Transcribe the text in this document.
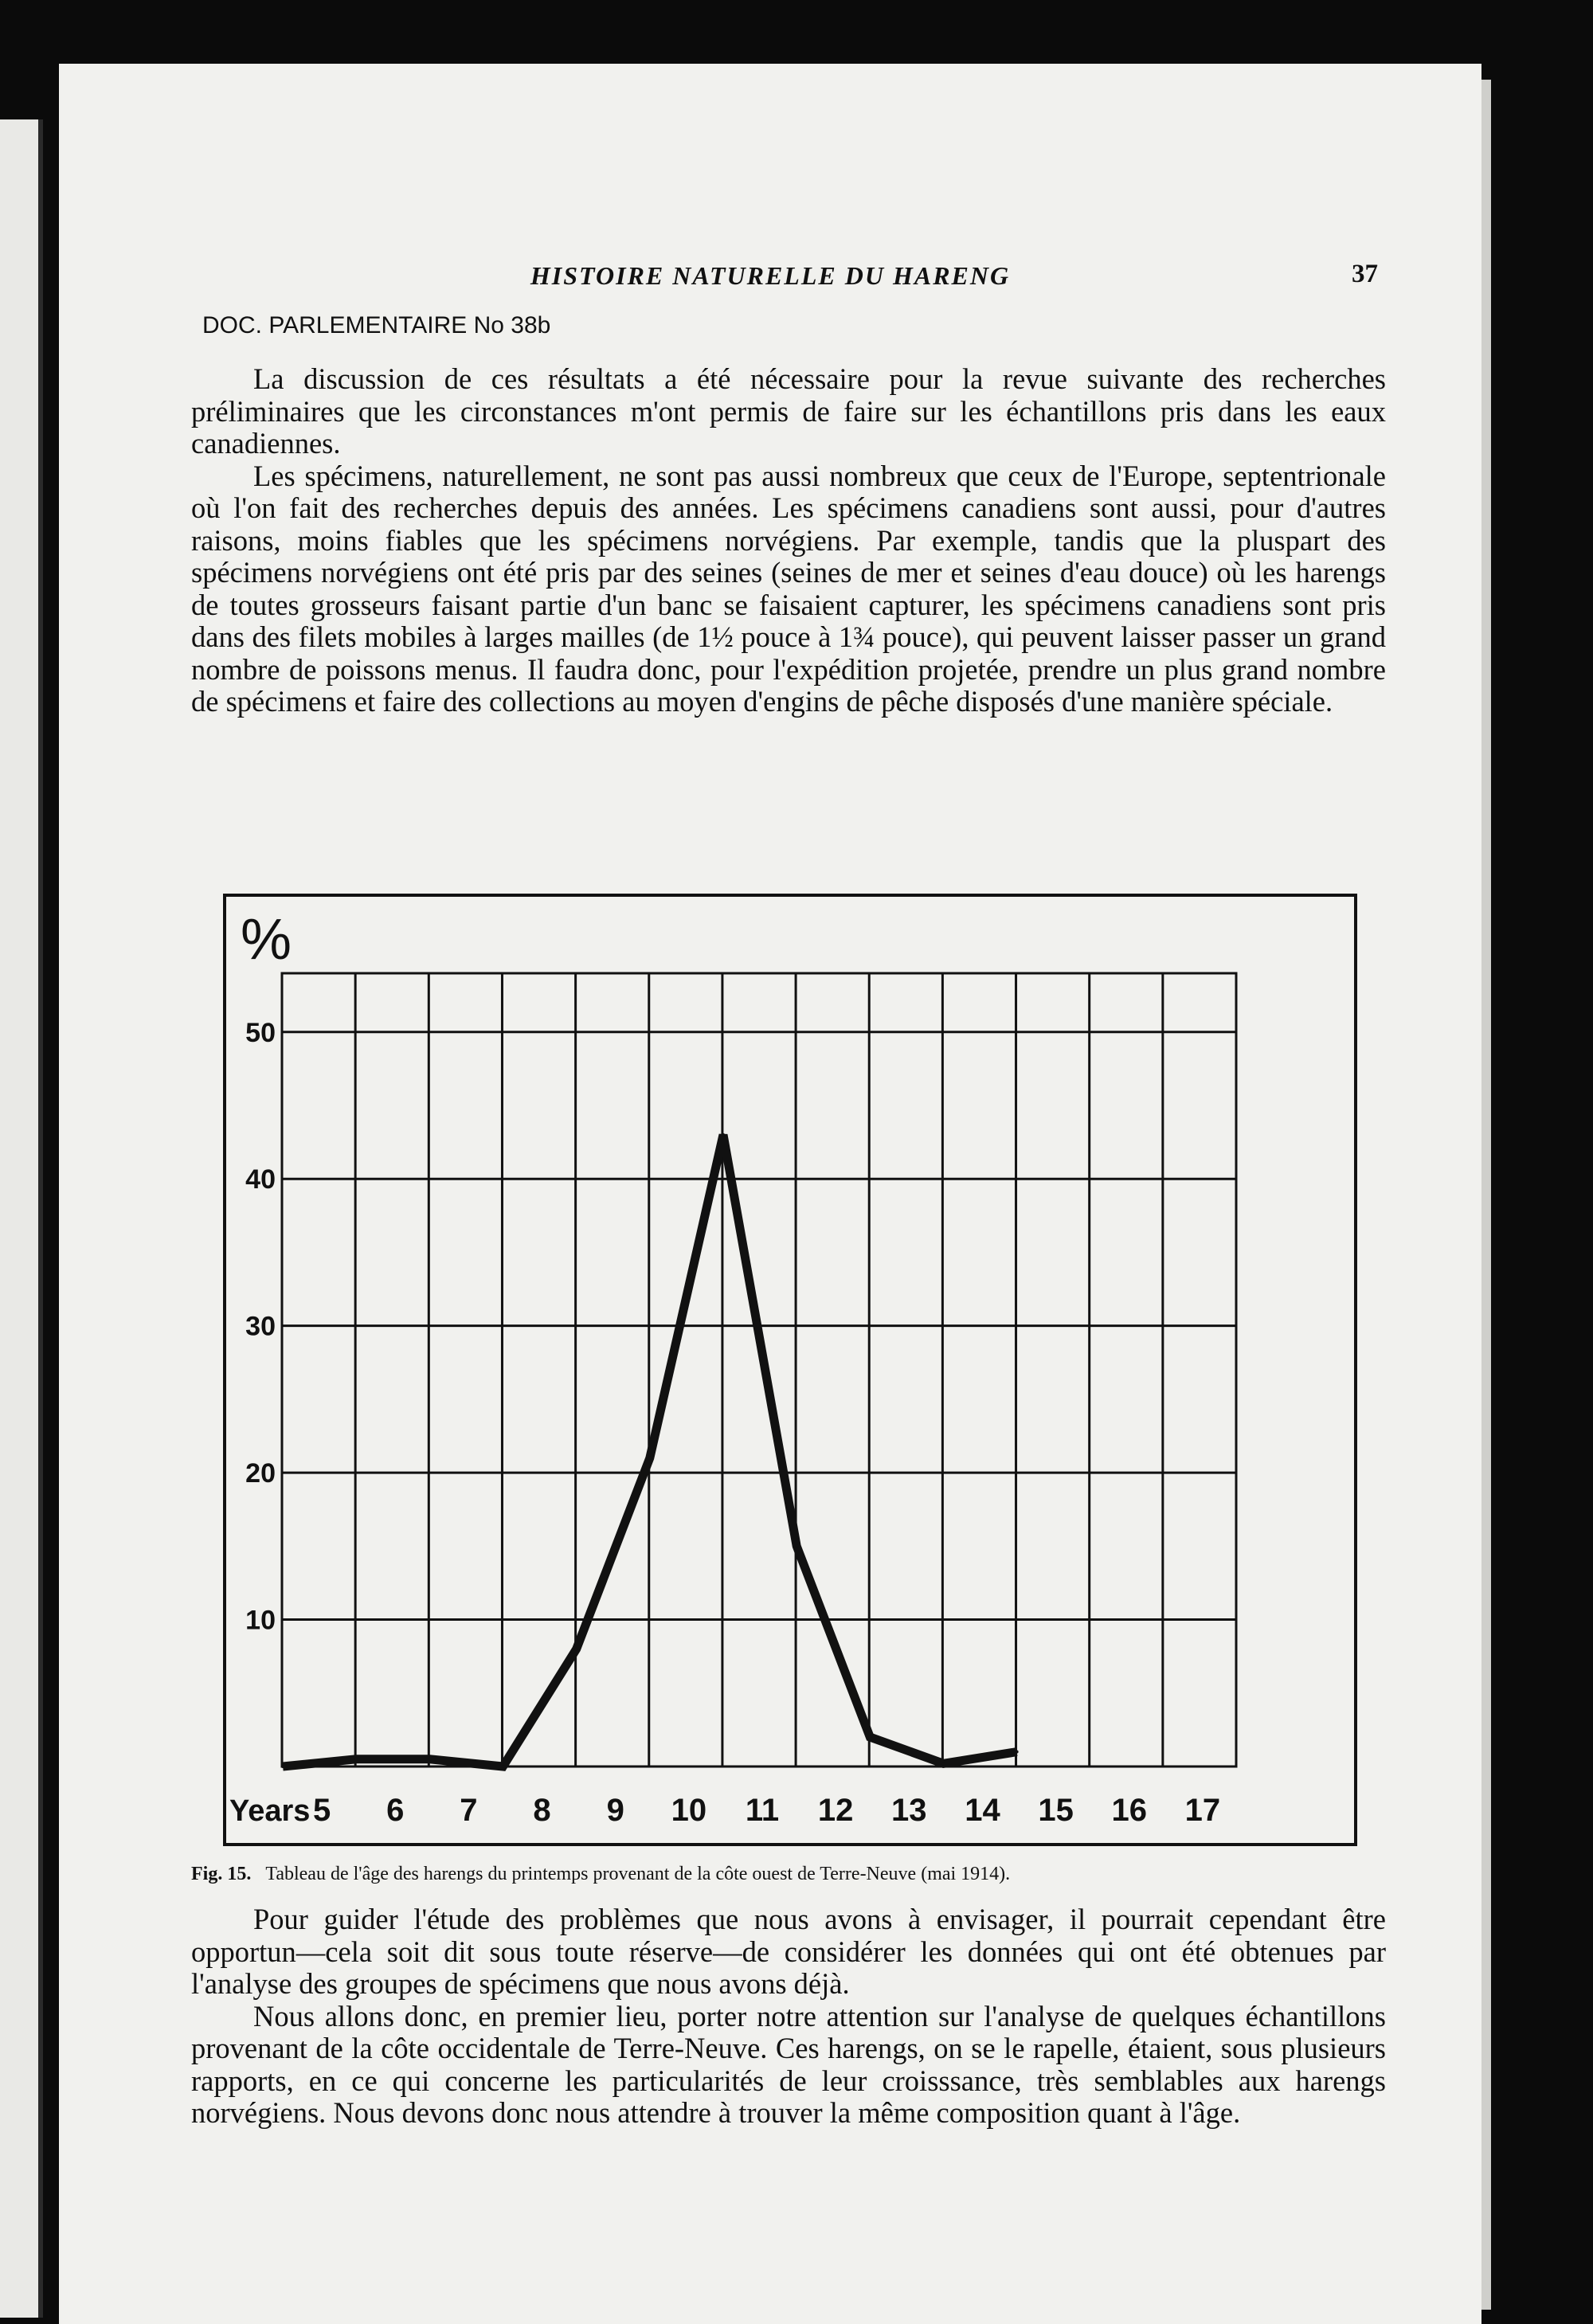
HISTOIRE NATURELLE DU HARENG	37
DOC. PARLEMENTAIRE No 38b

La discussion de ces résultats a été nécessaire pour la revue suivante des recherches préliminaires que les circonstances m'ont permis de faire sur les échantillons pris dans les eaux canadiennes.

Les spécimens, naturellement, ne sont pas aussi nombreux que ceux de l'Europe, septentrionale où l'on fait des recherches depuis des années. Les spécimens canadiens sont aussi, pour d'autres raisons, moins fiables que les spécimens norvégiens. Par exemple, tandis que la pluspart des spécimens norvégiens ont été pris par des seines (seines de mer et seines d'eau douce) où les harengs de toutes grosseurs faisant partie d'un banc se faisaient capturer, les spécimens canadiens sont pris dans des filets mobiles à larges mailles (de 1½ pouce à 1¾ pouce), qui peuvent laisser passer un grand nombre de poissons menus. Il faudra donc, pour l'expédition projetée, prendre un plus grand nombre de spécimens et faire des collections au moyen d'engins de pêche disposés d'une manière spéciale.

10
20
30
40
50
%
Years 5 6 7 8 9 10 11 12 13 14 15 16 17
Fig. 15. Tableau de l'âge des harengs du printemps provenant de la côte ouest de Terre-Neuve (mai 1914).

Pour guider l'étude des problèmes que nous avons à envisager, il pourrait cependant être opportun—cela soit dit sous toute réserve—de considérer les données qui ont été obtenues par l'analyse des groupes de spécimens que nous avons déjà.

Nous allons donc, en premier lieu, porter notre attention sur l'analyse de quelques échantillons provenant de la côte occidentale de Terre-Neuve. Ces harengs, on se le rapelle, étaient, sous plusieurs rapports, en ce qui concerne les particularités de leur croisssance, très semblables aux harengs norvégiens. Nous devons donc nous attendre à trouver la même composition quant à l'âge.
